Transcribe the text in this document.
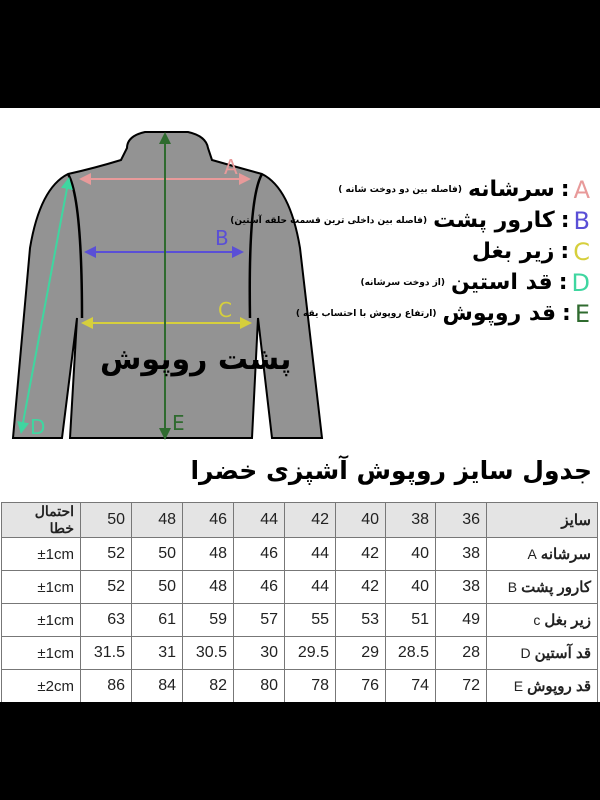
A
B
C
D	E
پشت روپوش
A
:
سرشانه
(فاصله بین دو دوخت شانه )
B
:
کارور پشت
(فاصله بین داخلی ترین قسمت حلقه آستین)
C
:
زیر بغل
D
:
قد استین
(از دوخت سرشانه)
E
:
قد روپوش
(ارتفاع روپوش با احتساب یقه )
جدول سایز روپوش آشپزی خضرا
احتمال خطا	50	48	46	44	42	40	38	36	سایز
±1cm	52	50	48	46	44	42	40	38	سرشانهA
±1cm	52	50	48	46	44	42	40	38	کارور پشتB
±1cm	63	61	59	57	55	53	51	49	زیر بغلc
±1cm	31.5	31	30.5	30	29.5	29	28.5	28	قد آستینD
±2cm	86	84	82	80	78	76	74	72	قد روپوشE
